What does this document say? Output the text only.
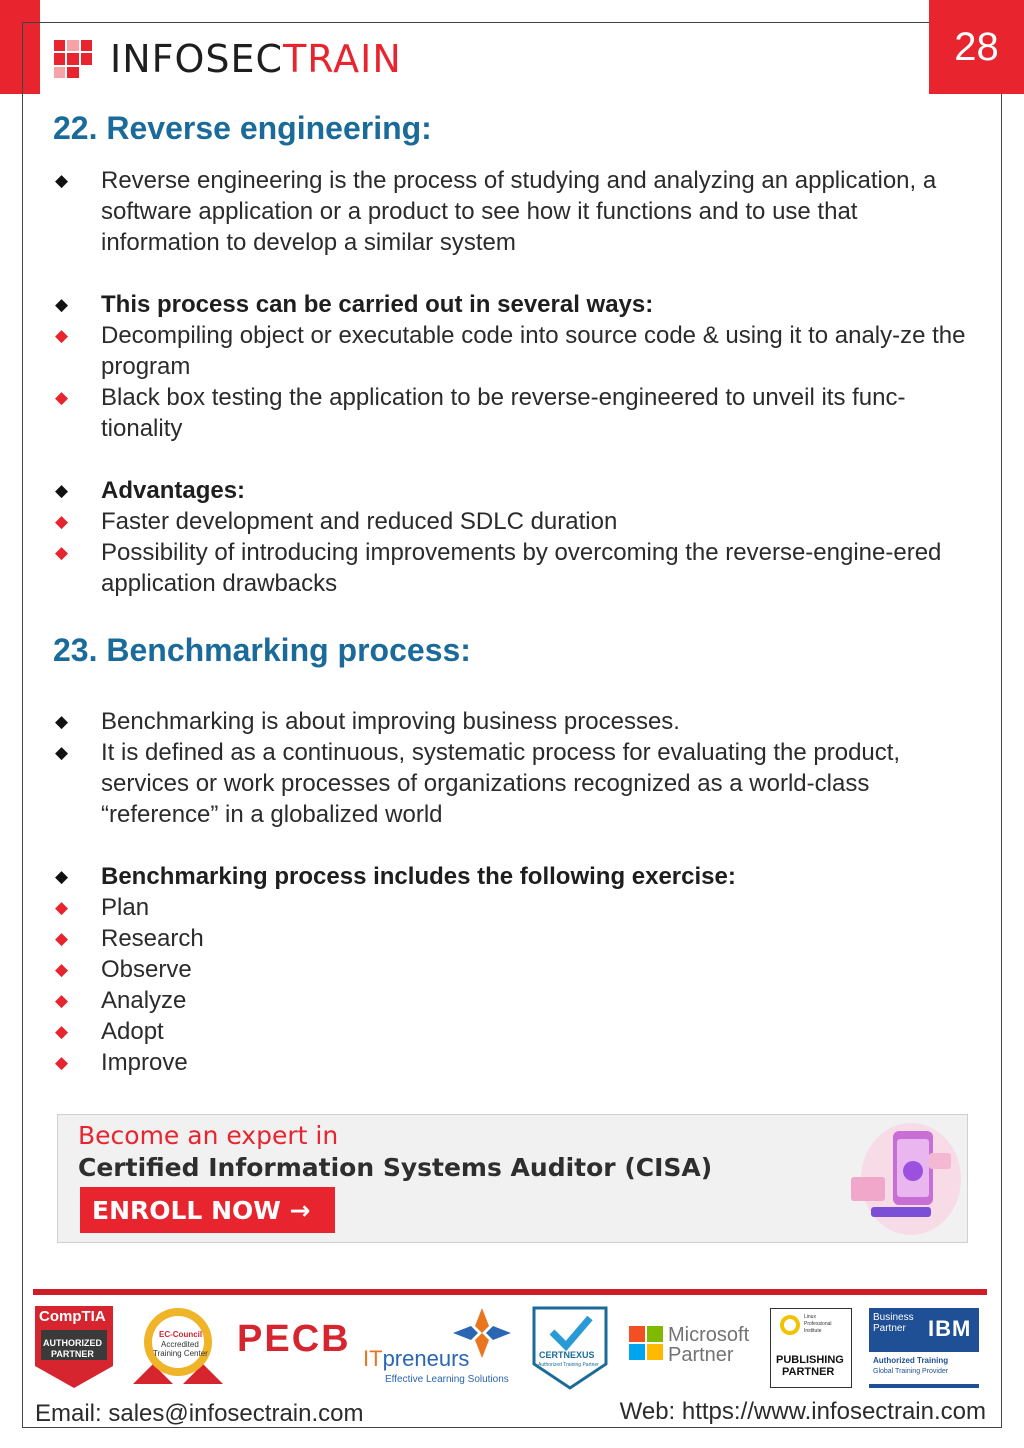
28
INFOSECTRAIN
22. Reverse engineering:
◆	Reverse engineering is the process of studying and analyzing an application, a software application or a product to see how it functions and to use that information to develop a similar system
◆	This process can be carried out in several ways:
◆	Decompiling object or executable code into source code & using it to analy-ze the program
◆	Black box testing the application to be reverse-engineered to unveil its func-tionality
◆	Advantages:
◆	Faster development and reduced SDLC duration
◆	Possibility of introducing improvements by overcoming the reverse-engine-ered application drawbacks
23. Benchmarking process:
◆	Benchmarking is about improving business processes.
◆	It is defined as a continuous, systematic process for evaluating the product, services or work processes of organizations recognized as a world-class “reference” in a globalized world
◆	Benchmarking process includes the following exercise:
◆	Plan
◆	Research
◆	Observe
◆	Analyze
◆	Adopt
◆	Improve
Become an expert in
Certified Information Systems Auditor (CISA)
ENROLL NOW →
CompTIA
AUTHORIZED
PARTNER
EC-Council
Accredited
Training Center PECB ITpreneurs
Effective Learning Solutions
CERTNEXUS
Authorized Training Partner
Microsoft
Partner
Linux
Professional
Institute
PUBLISHING
PARTNER
Business
Partner IBM
Authorized Training
Global Training Provider
Email: sales@infosectrain.com	Web: https://www.infosectrain.com
